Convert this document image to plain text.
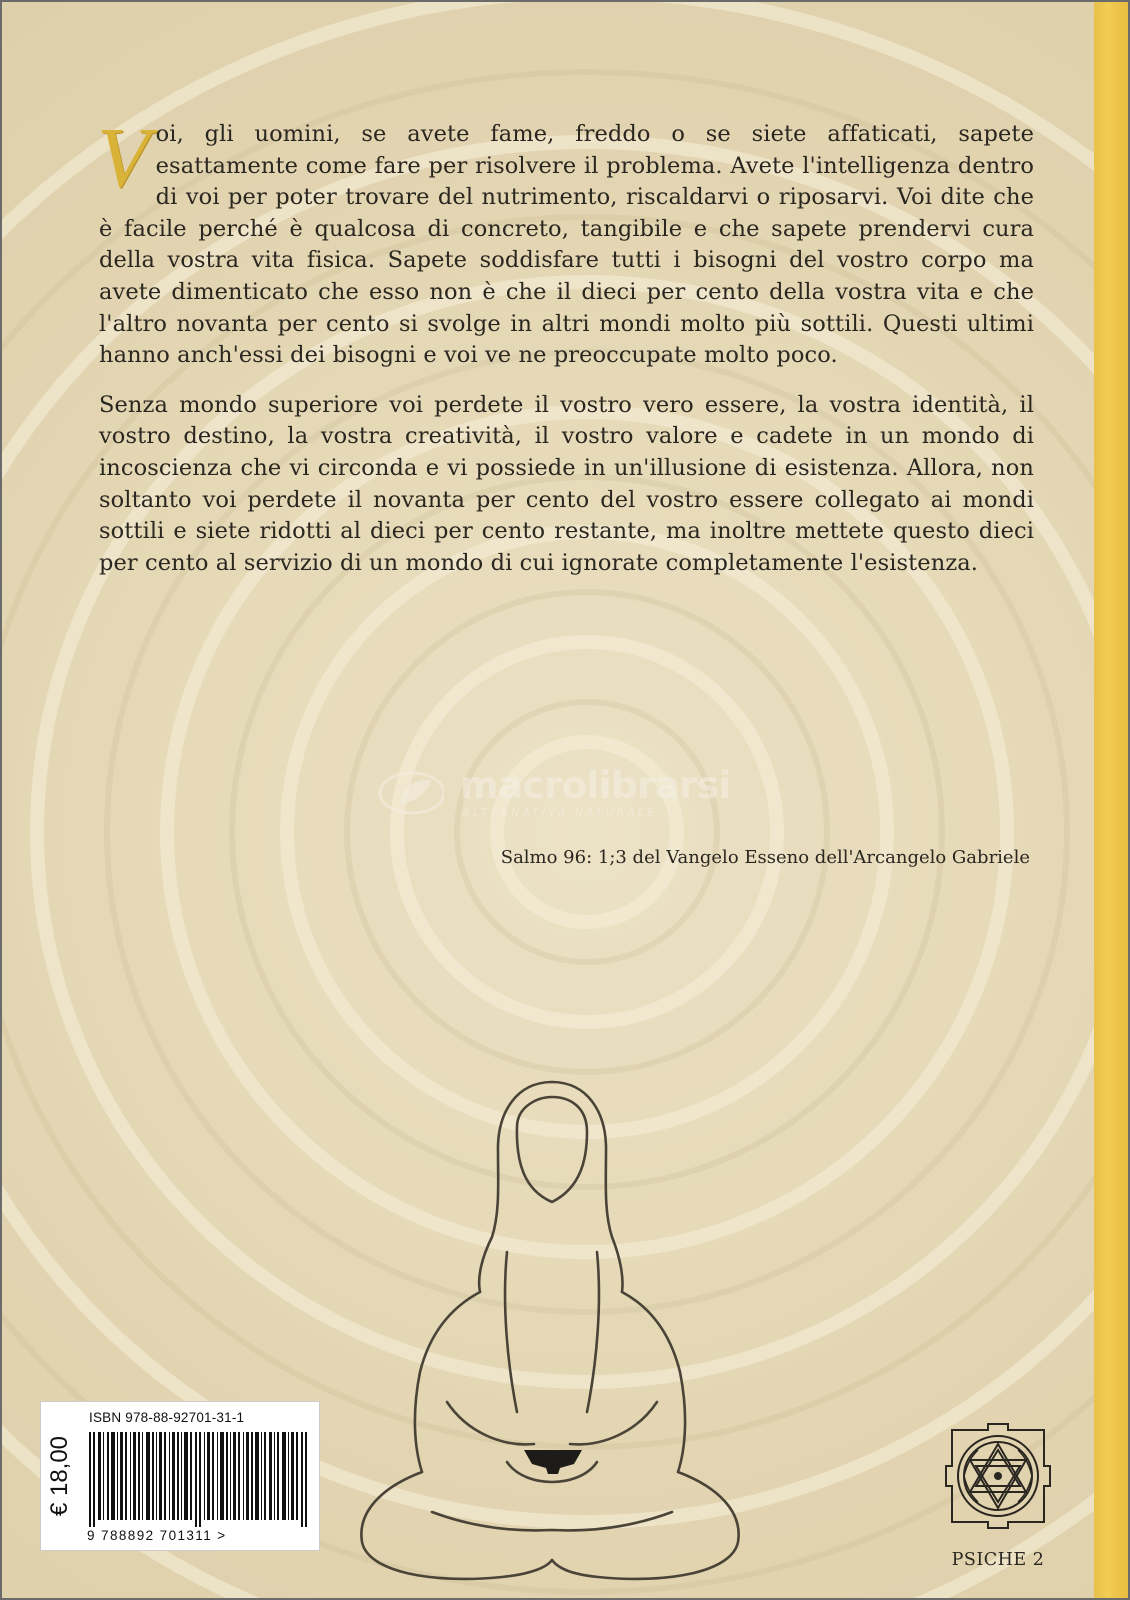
Voi, gli uomini, se avete fame, freddo o se siete affaticati, sapete esattamente come fare per risolvere il problema. Avete l'intelligenza dentro di voi per poter trovare del nutrimento, riscaldarvi o riposarvi. Voi dite che è facile perché è qualcosa di concreto, tangibile e che sapete prendervi cura della vostra vita fisica. Sapete soddisfare tutti i bisogni del vostro corpo ma avete dimenticato che esso non è che il dieci per cento della vostra vita e che l'altro novanta per cento si svolge in altri mondi molto più sottili. Questi ultimi hanno anch'essi dei bisogni e voi ve ne preoccupate molto poco.

Senza mondo superiore voi perdete il vostro vero essere, la vostra identità, il vostro destino, la vostra creatività, il vostro valore e cadete in un mondo di incoscienza che vi circonda e vi possiede in un'illusione di esistenza. Allora, non soltanto voi perdete il novanta per cento del vostro essere collegato ai mondi sottili e siete ridotti al dieci per cento restante, ma inoltre mettete questo dieci per cento al servizio di un mondo di cui ignorate completamente l'esistenza.

macrolibrarsi
ALTERNATIVA NATURALE
Salmo 96: 1;3 del Vangelo Esseno dell'Arcangelo Gabriele
€ 18,00
ISBN 978-88-92701-31-1
9 788892 701311 >
PSICHE 2
